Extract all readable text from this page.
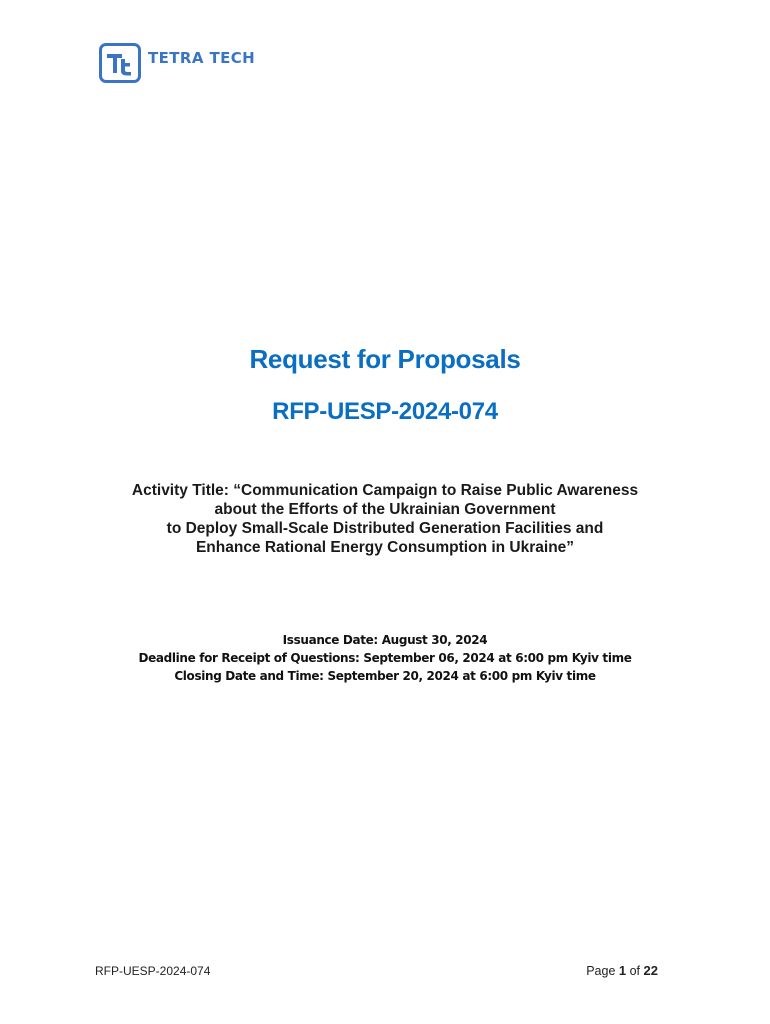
TETRA TECH
Request for Proposals
RFP-UESP-2024-074
Activity Title: “Communication Campaign to Raise Public Awareness
about the Efforts of the Ukrainian Government
to Deploy Small-Scale Distributed Generation Facilities and
Enhance Rational Energy Consumption in Ukraine”
Issuance Date: August 30, 2024
Deadline for Receipt of Questions: September 06, 2024 at 6:00 pm Kyiv time
Closing Date and Time: September 20, 2024 at 6:00 pm Kyiv time
RFP-UESP-2024-074	Page 1 of 22
